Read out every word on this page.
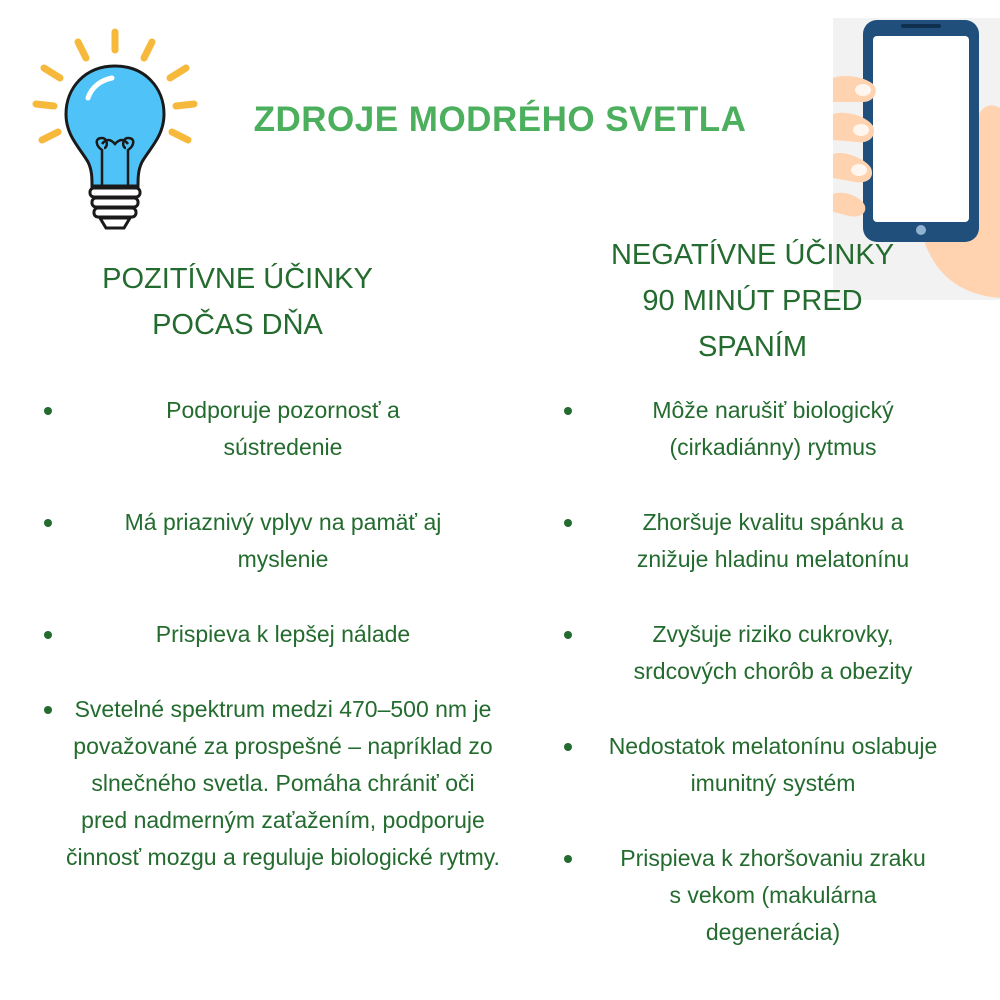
ZDROJE MODRÉHO SVETLA
POZITÍVNE ÚČINKY
POČAS DŇA
NEGATÍVNE ÚČINKY
90 MINÚT PRED
SPANÍM
Podporuje pozornosť a sústredenie
Má priaznivý vplyv na pamäť aj myslenie
Prispieva k lepšej nálade
Svetelné spektrum medzi 470–500 nm je považované za prospešné – napríklad zo slnečného svetla. Pomáha chrániť oči pred nadmerným zaťažením, podporuje činnosť mozgu a reguluje biologické rytmy.
Môže narušiť biologický (cirkadiánny) rytmus
Zhoršuje kvalitu spánku a znižuje hladinu melatonínu
Zvyšuje riziko cukrovky, srdcových chorôb a obezity
Nedostatok melatonínu oslabuje imunitný systém
Prispieva k zhoršovaniu zraku s vekom (makulárna degenerácia)
